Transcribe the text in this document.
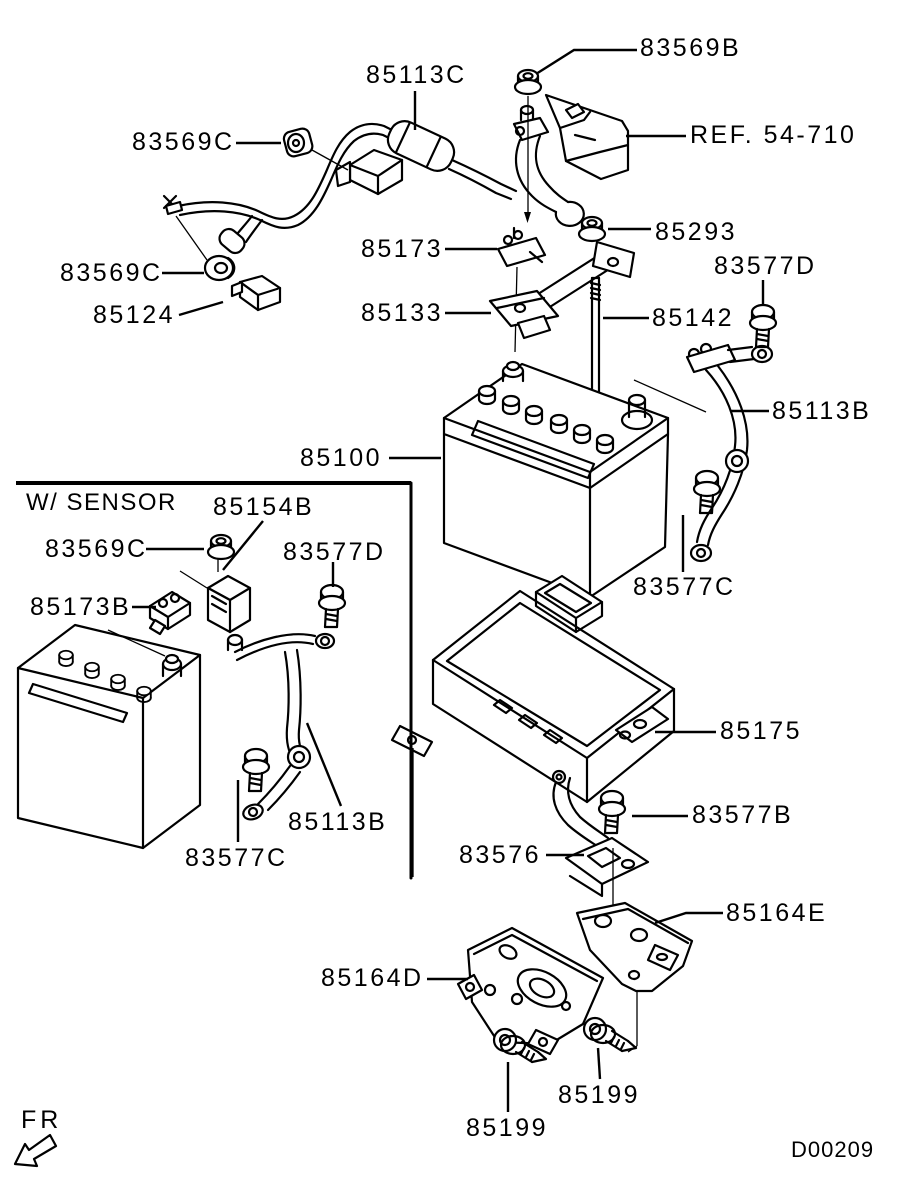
W/ SENSOR
FR
D00209
83569B
85113C
83569C	REF. 54-710
83569C
85124
85173
85293
83577D
85133	85142
85113B
85100
85154B
83569C	83577D
85173B
83577C
85175
83577B
83576
85164E
85164D
85113B
83577C
85199
85199
